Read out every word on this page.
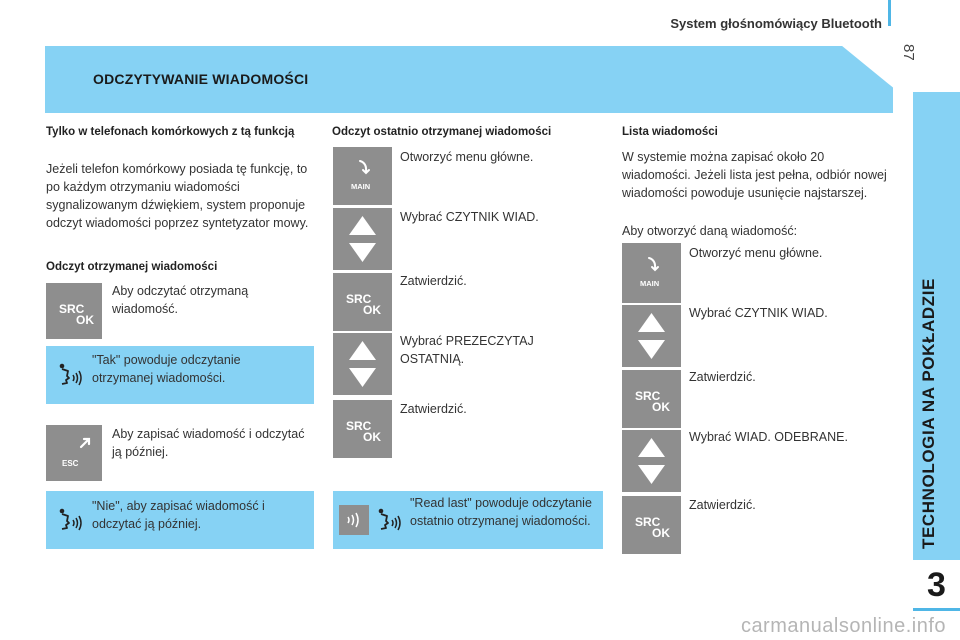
System głośnomówiący Bluetooth
87
ODCZYTYWANIE WIADOMOŚCI
TECHNOLOGIA NA POKŁADZIE
3
Tylko w telefonach komórkowych z tą funkcją
Jeżeli telefon komórkowy posiada tę funkcję, to po każdym otrzymaniu wiadomości sygnalizowanym dźwiękiem, system proponuje odczyt wiadomości poprzez syntetyzator mowy.
Odczyt otrzymanej wiadomości
SRC
OK
Aby odczytać otrzymaną wiadomość.
"Tak" powoduje odczytanie otrzymanej wiadomości.
ESC
Aby zapisać wiadomość i odczytać ją później.
"Nie", aby zapisać wiadomość i odczytać ją później.
Odczyt ostatnio otrzymanej wiadomości
MAIN
Otworzyć menu główne.
Wybrać CZYTNIK WIAD.
SRC
OK
Zatwierdzić.
Wybrać PREZECZYTAJ OSTATNIĄ.
SRC
OK
Zatwierdzić.
"Read last" powoduje odczytanie ostatnio otrzymanej wiadomości.
Lista wiadomości
W systemie można zapisać około 20 wiadomości. Jeżeli lista jest pełna, odbiór nowej wiadomości powoduje usunięcie najstarszej.
Aby otworzyć daną wiadomość:
MAIN
Otworzyć menu główne.
Wybrać CZYTNIK WIAD.
SRC
OK
Zatwierdzić.
Wybrać WIAD. ODEBRANE.
SRC
OK
Zatwierdzić.
carmanualsonline.info
